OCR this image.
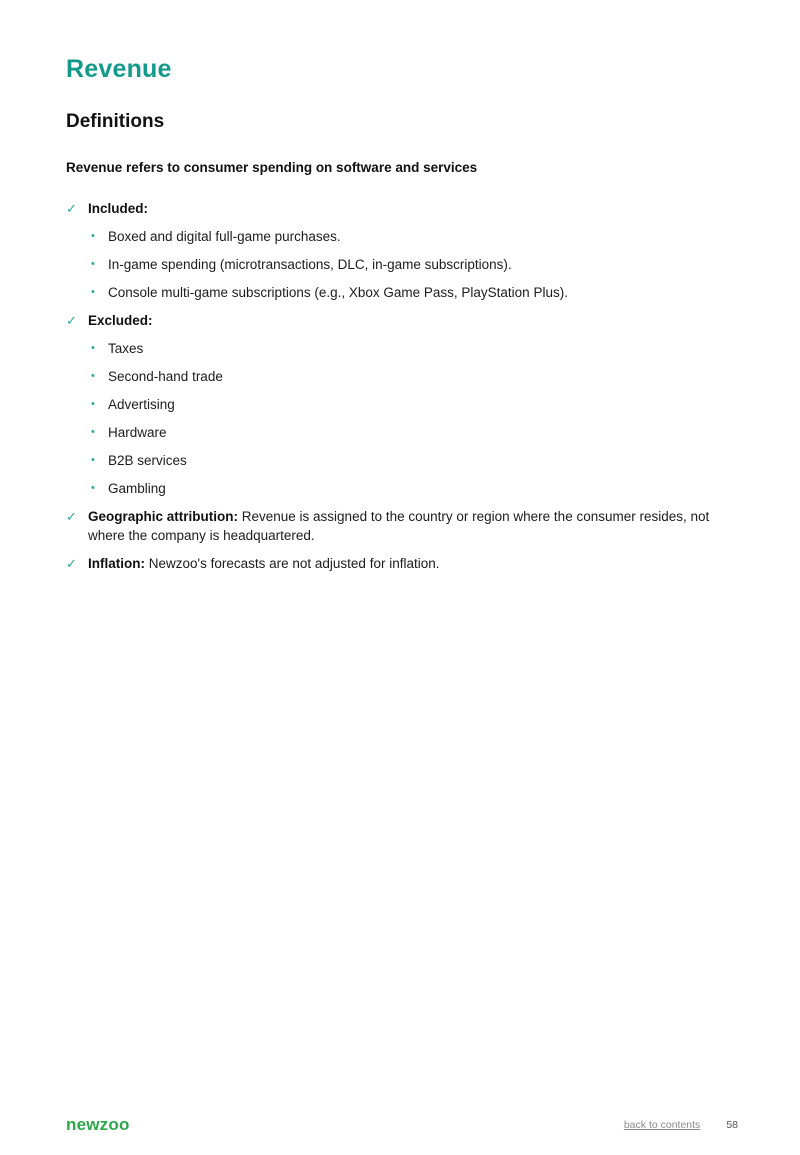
Revenue
Definitions

Revenue refers to consumer spending on software and services

✓ Included:
• Boxed and digital full-game purchases.
• In-game spending (microtransactions, DLC, in-game subscriptions).
• Console multi-game subscriptions (e.g., Xbox Game Pass, PlayStation Plus).
✓ Excluded:
• Taxes
• Second-hand trade
• Advertising
• Hardware
• B2B services
• Gambling
✓ Geographic attribution: Revenue is assigned to the country or region where the consumer resides, not where the company is headquartered.
✓ Inflation: Newzoo's forecasts are not adjusted for inflation.
newzoo	back to contents 58
